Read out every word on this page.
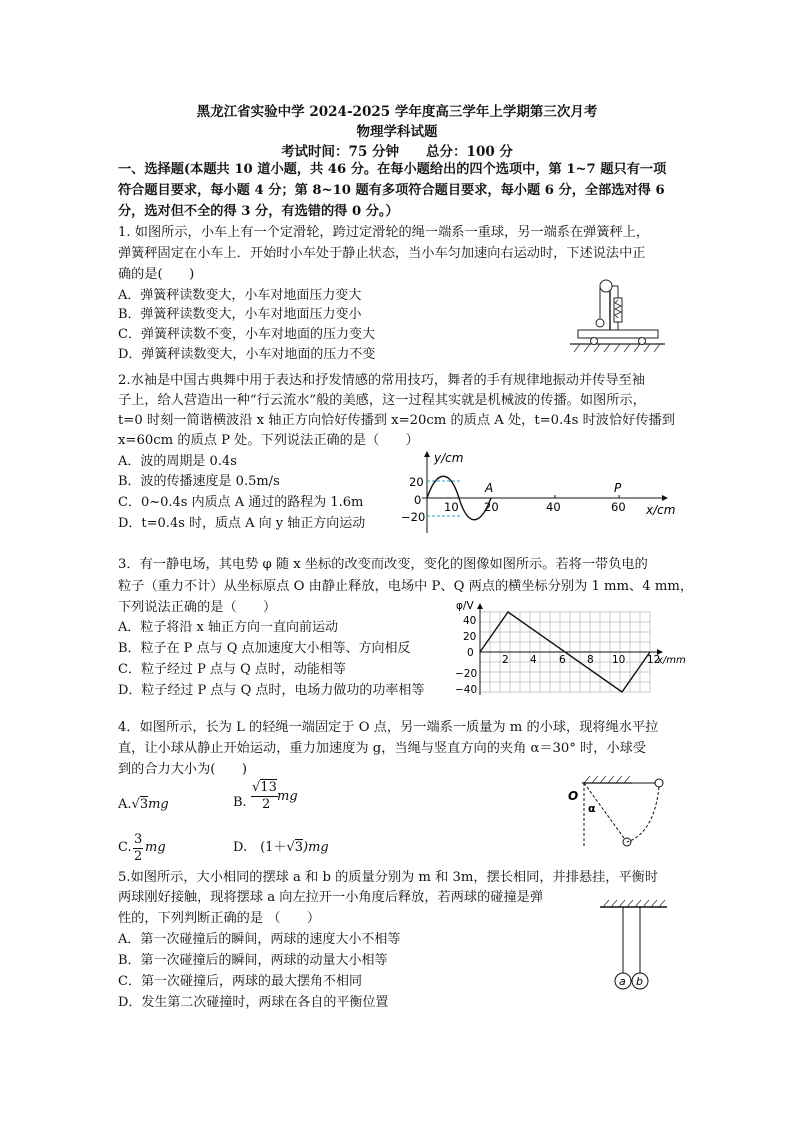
黑龙江省实验中学 2024-2025 学年度高三学年上学期第三次月考
物理学科试题
考试时间：75 分钟　　总分：100 分
一、选择题(本题共 10 道小题，共 46 分。在每小题给出的四个选项中，第 1~7 题只有一项
符合题目要求，每小题 4 分；第 8~10 题有多项符合题目要求，每小题 6 分，全部选对得 6
分，选对但不全的得 3 分，有选错的得 0 分。）
1. 如图所示，小车上有一个定滑轮，跨过定滑轮的绳一端系一重球，另一端系在弹簧秤上，
弹簧秤固定在小车上．开始时小车处于静止状态，当小车匀加速向右运动时，下述说法中正
确的是(　　)
A．弹簧秤读数变大，小车对地面压力变大
B．弹簧秤读数变大，小车对地面压力变小
C．弹簧秤读数不变，小车对地面的压力变大
D．弹簧秤读数变大，小车对地面的压力不变
2.水袖是中国古典舞中用于表达和抒发情感的常用技巧，舞者的手有规律地振动并传导至袖
子上，给人营造出一种“行云流水”般的美感，这一过程其实就是机械波的传播。如图所示，
t=0 时刻一简谐横波沿 x 轴正方向恰好传播到 x=20cm 的质点 A 处，t=0.4s 时波恰好传播到
x=60cm 的质点 P 处。下列说法正确的是（　　）
A．波的周期是 0.4s
B．波的传播速度是 0.5m/s
C．0~0.4s 内质点 A 通过的路程为 1.6m
D．t=0.4s 时，质点 A 向 y 轴正方向运动
y/cm
x/cm
20
0
−20
10 20	40	60
A	P
3．有一静电场，其电势 φ 随 x 坐标的改变而改变，变化的图像如图所示。若将一带负电的
粒子（重力不计）从坐标原点 O 由静止释放，电场中 P、Q 两点的横坐标分别为 1 mm、4 mm，
下列说法正确的是（　　）
A．粒子将沿 x 轴正方向一直向前运动
B．粒子在 P 点与 Q 点加速度大小相等、方向相反
C．粒子经过 P 点与 Q 点时，动能相等
D．粒子经过 P 点与 Q 点时，电场力做功的功率相等
φ/V
x/mm
40
20
0
−20
−40
2 4 6 8 10 12
4．如图所示，长为 L 的轻绳一端固定于 O 点，另一端系一质量为 m 的小球，现将绳水平拉
直，让小球从静止开始运动，重力加速度为 g，当绳与竖直方向的夹角 α＝30° 时，小球受
到的合力大小为(　　)
A.√3mg	B.
√13
2
mg
C.
3
2
mg	D.　(1＋√3)mg
O
α
5.如图所示，大小相同的摆球 a 和 b 的质量分别为 m 和 3m，摆长相同，并排悬挂，平衡时
两球刚好接触，现将摆球 a 向左拉开一小角度后释放，若两球的碰撞是弹
性的，下列判断正确的是 （　　）
A．第一次碰撞后的瞬间，两球的速度大小不相等
B．第一次碰撞后的瞬间，两球的动量大小相等
C．第一次碰撞后，两球的最大摆角不相同
D．发生第二次碰撞时，两球在各自的平衡位置
a b
